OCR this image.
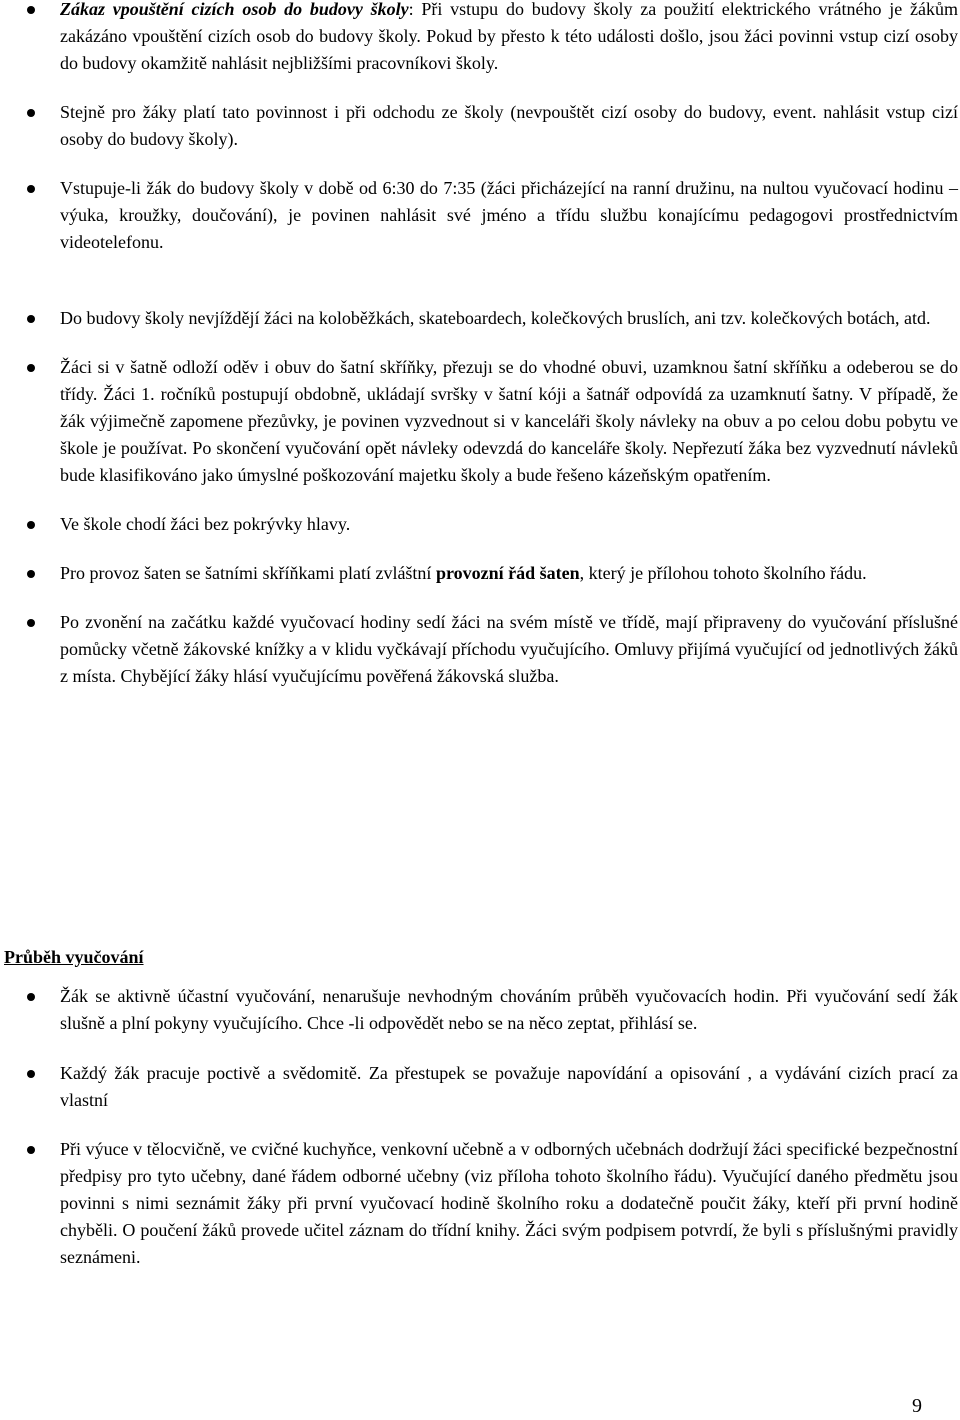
Zákaz vpouštění cizích osob do budovy školy: Při vstupu do budovy školy za použití elektrického vrátného je žákům zakázáno vpouštění cizích osob do budovy školy. Pokud by přesto k této události došlo, jsou žáci povinni vstup cizí osoby do budovy okamžitě nahlásit nejbližšími pracovníkovi školy.
Stejně pro žáky platí tato povinnost i při odchodu ze školy (nevpouštět cizí osoby do budovy, event. nahlásit vstup cizí osoby do budovy školy).
Vstupuje-li žák do budovy školy v době od 6:30 do 7:35 (žáci přicházející na ranní družinu, na nultou vyučovací hodinu – výuka, kroužky, doučování), je povinen nahlásit své jméno a třídu službu konajícímu pedagogovi prostřednictvím videotelefonu.
Do budovy školy nevjíždějí žáci na koloběžkách, skateboardech, kolečkových bruslích, ani tzv. kolečkových botách, atd.
Žáci si v šatně odloží oděv i obuv do šatní skříňky, přezujı se do vhodné obuvi, uzamknou šatní skříňku a odeberou se do třídy. Žáci 1. ročníků postupují obdobně, ukládají svršky v šatní kóji a šatnář odpovídá za uzamknutí šatny. V případě, že žák výjimečně zapomene přezůvky, je povinen vyzvednout si v kanceláři školy návleky na obuv a po celou dobu pobytu ve škole je používat. Po skončení vyučování opět návleky odevzdá do kanceláře školy. Nepřezutí žáka bez vyzvednutí návleků bude klasifikováno jako úmyslné poškozování majetku školy a bude řešeno kázeňským opatřením.
Ve škole chodí žáci bez pokrývky hlavy.
Pro provoz šaten se šatními skříňkami platí zvláštní provozní řád šaten, který je přílohou tohoto školního řádu.
Po zvonění na začátku každé vyučovací hodiny sedí žáci na svém místě ve třídě, mají připraveny do vyučování příslušné pomůcky včetně žákovské knížky a v klidu vyčkávají příchodu vyučujícího. Omluvy přijímá vyučující od jednotlivých žáků z místa. Chybějící žáky hlásí vyučujícímu pověřená žákovská služba.
Průběh vyučování
Žák se aktivně účastní vyučování, nenarušuje nevhodným chováním průběh vyučovacích hodin. Při vyučování sedí žák slušně a plní pokyny vyučujícího. Chce -li odpovědět nebo se na něco zeptat, přihlásí se.
Každý žák pracuje poctivě a svědomitě. Za přestupek se považuje napovídání a opisování , a vydávání cizích prací za vlastní
Při výuce v tělocvičně, ve cvičné kuchyňce, venkovní učebně a v odborných učebnách dodržují žáci specifické bezpečnostní předpisy pro tyto učebny, dané řádem odborné učebny (viz příloha tohoto školního řádu). Vyučující daného předmětu jsou povinni s nimi seznámit žáky při první vyučovací hodině školního roku a dodatečně poučit žáky, kteří při první hodině chyběli. O poučení žáků provede učitel záznam do třídní knihy. Žáci svým podpisem potvrdí, že byli s příslušnými pravidly seznámeni.
9
